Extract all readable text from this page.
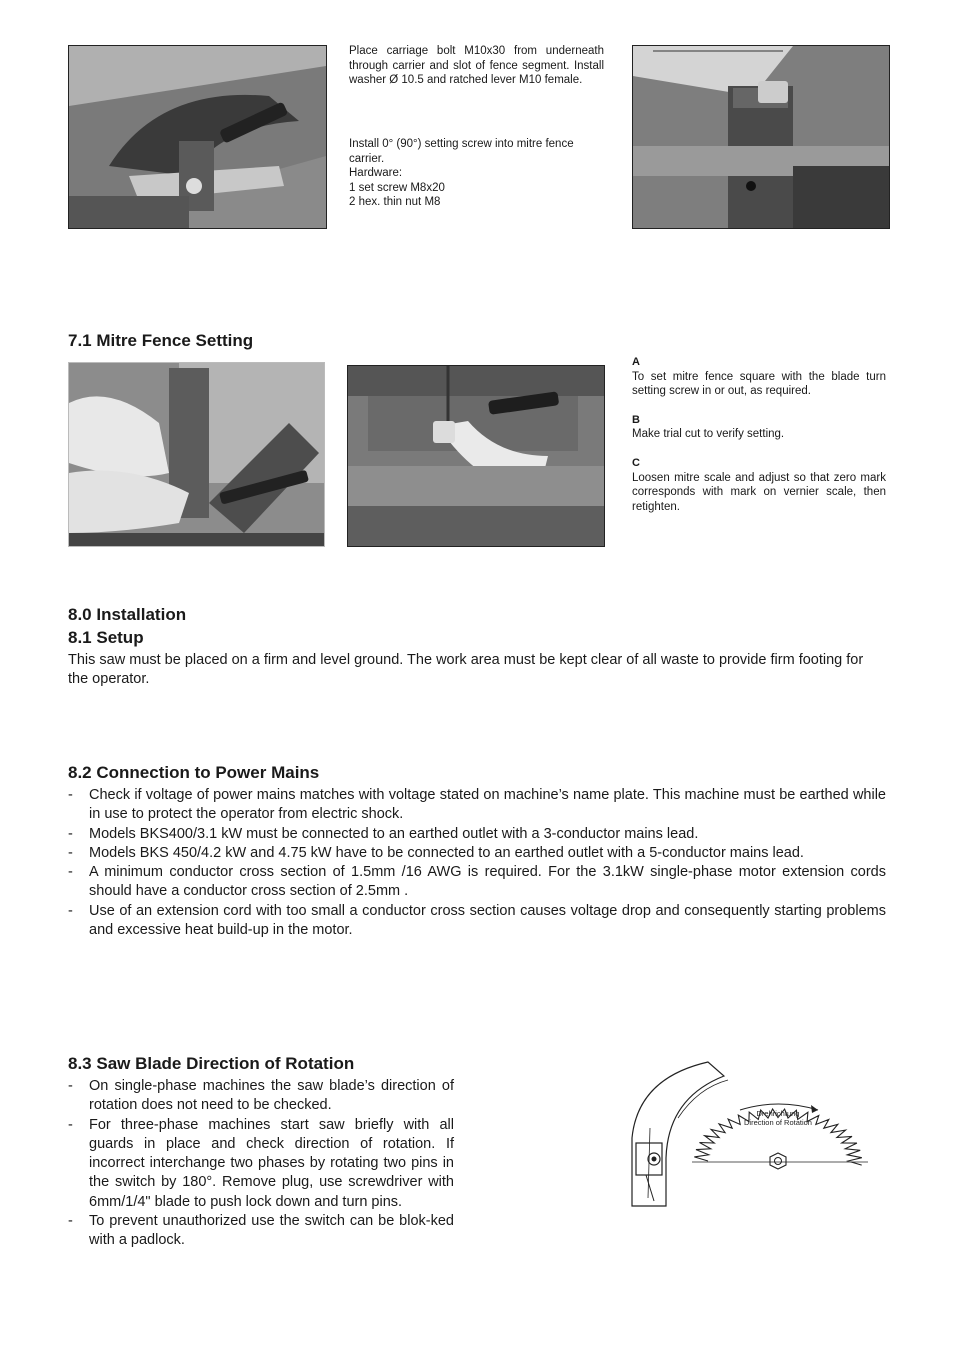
Place carriage bolt M10x30 from underneath through carrier and slot of fence segment. Install washer Ø 10.5 and ratched lever M10 female.
Install 0° (90°) setting screw into mitre fence carrier.
Hardware:
1 set screw M8x20
2 hex. thin nut M8
7.1 Mitre Fence Setting
A

To set mitre fence square with the blade turn setting screw in or out, as required.

B

Make trial cut to verify setting.

C

Loosen mitre scale and adjust so that zero mark corresponds with mark on vernier scale, then retighten.

8.0 Installation
8.1 Setup
This saw must be placed on a firm and level ground. The work area must be kept clear of all waste to provide firm footing for the operator.
8.2 Connection to Power Mains
- Check if voltage of power mains matches with voltage stated on machine’s name plate. This machine must be earthed while in use to protect the operator from electric shock.
- Models BKS400/3.1 kW must be connected to an earthed outlet with a 3-conductor mains lead.
- Models BKS 450/4.2 kW and 4.75 kW have to be connected to an earthed outlet with a 5-conductor mains lead.
- A minimum conductor cross section of 1.5mm /16 AWG is required. For the 3.1kW single-phase motor extension cords should have a conductor cross section of 2.5mm .
- Use of an extension cord with too small a conductor cross section causes voltage drop and consequently starting problems and excessive heat build-up in the motor.
8.3 Saw Blade Direction of Rotation
- On single-phase machines the saw blade’s direction of rotation does not need to be checked.
- For three-phase machines start saw briefly with all guards in place and check direction of rotation. If incorrect interchange two phases by rotating two pins in the switch by 180°. Remove plug, use screwdriver with 6mm/1/4" blade to push lock down and turn pins.
- To prevent unauthorized use the switch can be blok-ked with a padlock.
Drehrichtung
Direction of Rotation
